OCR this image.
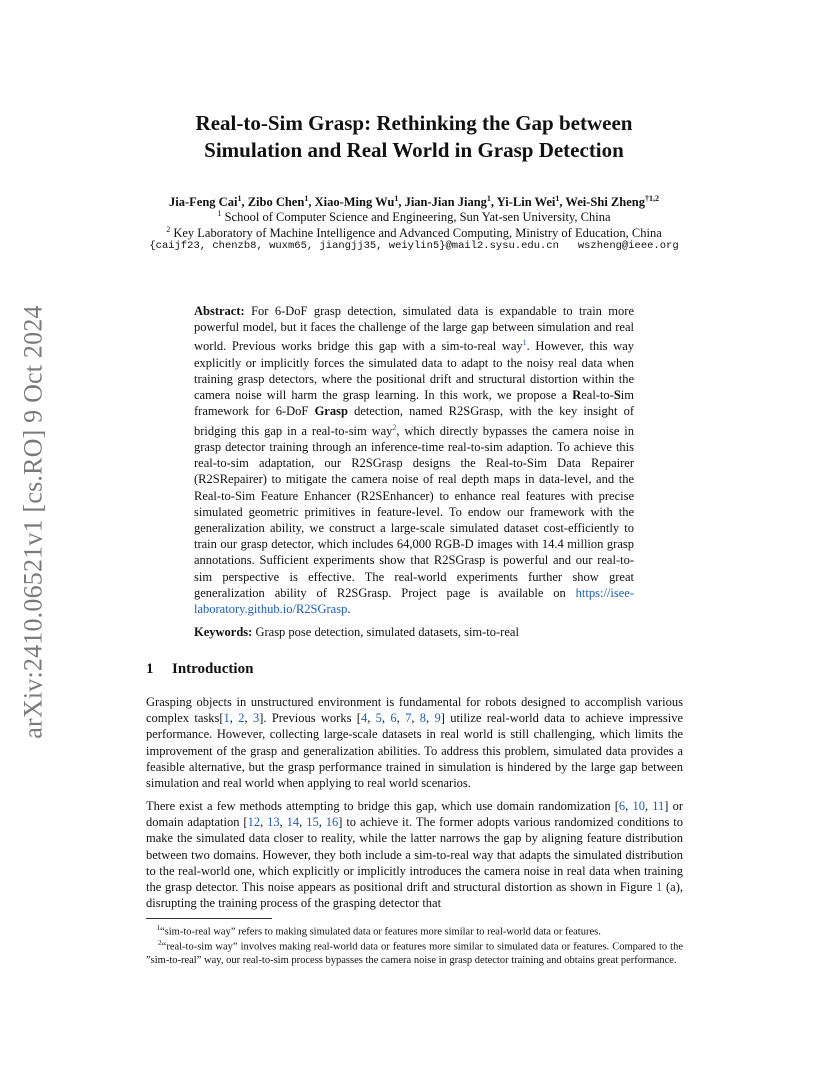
arXiv:2410.06521v1 [cs.RO] 9 Oct 2024
Real-to-Sim Grasp: Rethinking the Gap between
Simulation and Real World in Grasp Detection
Jia-Feng Cai$^1$, Zibo Chen$^1$, Xiao-Ming Wu$^1$, Jian-Jian Jiang$^1$, Yi-Lin Wei$^1$, Wei-Shi Zheng$^{\dagger 1,2}$
$^1$ School of Computer Science and Engineering, Sun Yat-sen University, China
$^2$ Key Laboratory of Machine Intelligence and Advanced Computing, Ministry of Education, China
{caijf23, chenzb8, wuxm65, jiangjj35, weiylin5}@mail2.sysu.edu.cn   wszheng@ieee.org
Abstract: For 6-DoF grasp detection, simulated data is expandable to train more powerful model, but it faces the challenge of the large gap between simulation and real world. Previous works bridge this gap with a sim-to-real way$^1$. However, this way explicitly or implicitly forces the simulated data to adapt to the noisy real data when training grasp detectors, where the positional drift and structural distortion within the camera noise will harm the grasp learning. In this work, we propose a Real-to-Sim framework for 6-DoF Grasp detection, named R2SGrasp, with the key insight of bridging this gap in a real-to-sim way$^2$, which directly bypasses the camera noise in grasp detector training through an inference-time real-to-sim adaption. To achieve this real-to-sim adaptation, our R2SGrasp designs the Real-to-Sim Data Repairer (R2SRepairer) to mitigate the camera noise of real depth maps in data-level, and the Real-to-Sim Feature Enhancer (R2SEnhancer) to enhance real features with precise simulated geometric primitives in feature-level. To endow our framework with the generalization ability, we construct a large-scale simulated dataset cost-efficiently to train our grasp detector, which includes 64,000 RGB-D images with 14.4 million grasp annotations. Sufficient experiments show that R2SGrasp is powerful and our real-to-sim perspective is effective. The real-world experiments further show great generalization ability of R2SGrasp. Project page is available on https://isee-laboratory.github.io/R2SGrasp.
Keywords: Grasp pose detection, simulated datasets, sim-to-real
1 Introduction
Grasping objects in unstructured environment is fundamental for robots designed to accomplish various complex tasks[1, 2, 3]. Previous works [4, 5, 6, 7, 8, 9] utilize real-world data to achieve impressive performance. However, collecting large-scale datasets in real world is still challenging, which limits the improvement of the grasp and generalization abilities. To address this problem, simulated data provides a feasible alternative, but the grasp performance trained in simulation is hindered by the large gap between simulation and real world when applying to real world scenarios.
There exist a few methods attempting to bridge this gap, which use domain randomization [6, 10, 11] or domain adaptation [12, 13, 14, 15, 16] to achieve it. The former adopts various randomized conditions to make the simulated data closer to reality, while the latter narrows the gap by aligning feature distribution between two domains. However, they both include a sim-to-real way that adapts the simulated distribution to the real-world one, which explicitly or implicitly introduces the camera noise in real data when training the grasp detector. This noise appears as positional drift and structural distortion as shown in Figure 1 (a), disrupting the training process of the grasping detector that
$^1$“sim-to-real way” refers to making simulated data or features more similar to real-world data or features.
$^2$“real-to-sim way” involves making real-world data or features more similar to simulated data or features. Compared to the ”sim-to-real” way, our real-to-sim process bypasses the camera noise in grasp detector training and obtains great performance.
